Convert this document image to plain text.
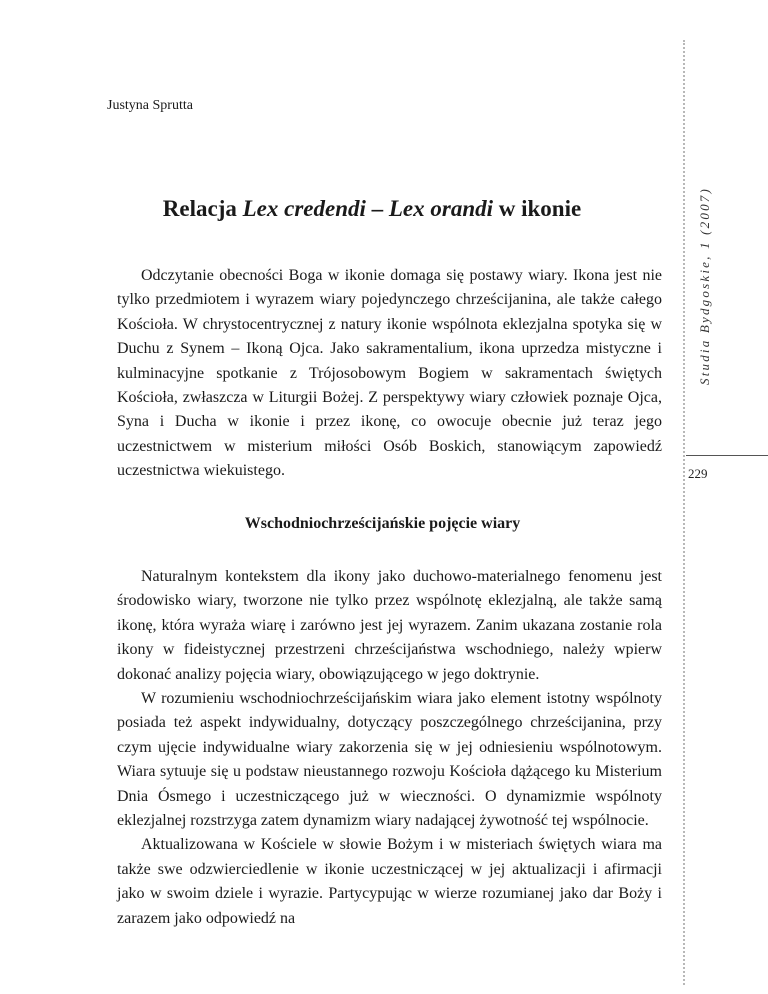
Studia Bydgoskie, 1 (2007)
229
Justyna Sprutta
Relacja Lex credendi – Lex orandi w ikonie

Odczytanie obecności Boga w ikonie domaga się postawy wiary. Ikona jest nie tylko przedmiotem i wyrazem wiary pojedynczego chrześcijanina, ale także całego Kościoła. W chrystocentrycznej z natury ikonie wspólnota eklezjalna spotyka się w Duchu z Synem – Ikoną Ojca. Jako sakramentalium, ikona uprzedza mistyczne i kulminacyjne spotkanie z Trójosobowym Bogiem w sakramentach świętych Kościoła, zwłaszcza w Liturgii Bożej. Z perspektywy wiary człowiek poznaje Ojca, Syna i Ducha w ikonie i przez ikonę, co owocuje obecnie już teraz jego uczestnictwem w misterium miłości Osób Boskich, stanowiącym zapowiedź uczestnictwa wiekuistego.

Wschodniochrześcijańskie pojęcie wiary

Naturalnym kontekstem dla ikony jako duchowo-materialnego fenomenu jest środowisko wiary, tworzone nie tylko przez wspólnotę eklezjalną, ale także samą ikonę, która wyraża wiarę i zarówno jest jej wyrazem. Zanim ukazana zostanie rola ikony w fideistycznej przestrzeni chrześcijaństwa wschodniego, należy wpierw dokonać analizy pojęcia wiary, obowiązującego w jego doktrynie.

W rozumieniu wschodniochrześcijańskim wiara jako element istotny wspólnoty posiada też aspekt indywidualny, dotyczący poszczególnego chrześcijanina, przy czym ujęcie indywidualne wiary zakorzenia się w jej odniesieniu wspólnotowym. Wiara sytuuje się u podstaw nieustannego rozwoju Kościoła dążącego ku Misterium Dnia Ósmego i uczestniczącego już w wieczności. O dynamizmie wspólnoty eklezjalnej rozstrzyga zatem dynamizm wiary nadającej żywotność tej wspólnocie.

Aktualizowana w Kościele w słowie Bożym i w misteriach świętych wiara ma także swe odzwierciedlenie w ikonie uczestniczącej w jej aktualizacji i afirmacji jako w swoim dziele i wyrazie. Partycypując w wierze rozumianej jako dar Boży i zarazem jako odpowiedź na
